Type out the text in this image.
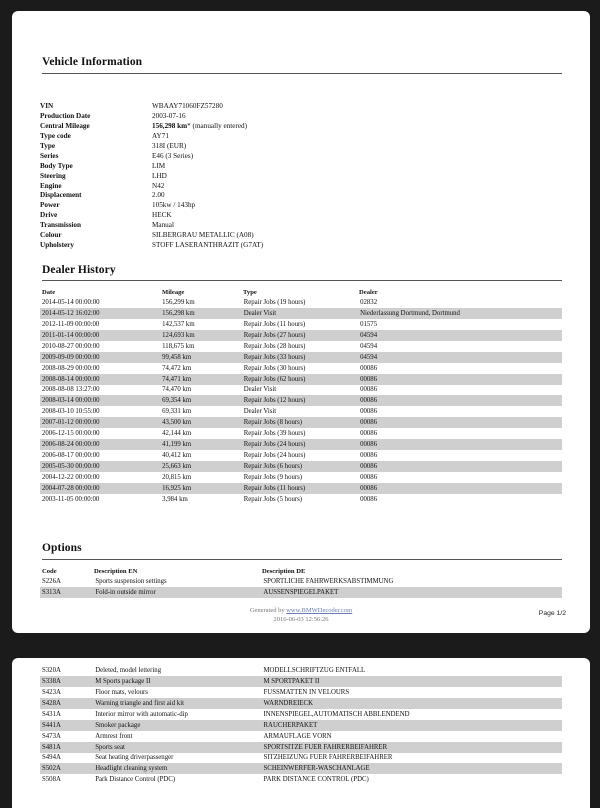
Vehicle Information
VIN	WBAAY71060FZ57280
Production Date	2003-07-16
Central Mileage	156,298 km* (manually entered)
Type code	AY71
Type	318I (EUR)
Series	E46 (3 Series)
Body Type	LIM
Steering	LHD
Engine	N42
Displacement	2.00
Power	105kw / 143hp
Drive	HECK
Transmission	Manual
Colour	SILBERGRAU METALLIC (A08)
Upholstery	STOFF LASERANTHRAZIT (G7AT)
Dealer History
Date	Mileage	Type	Dealer
2014-05-14 00:00:00	156,299 km	Repair Jobs (19 hours)	02832
2014-05-12 16:02:00	156,298 km	Dealer Visit	Niederlassung Dortmund, Dortmund
2012-11-09 00:00:00	142,537 km	Repair Jobs (11 hours)	01575
2011-01-14 00:00:00	124,693 km	Repair Jobs (27 hours)	04594
2010-08-27 00:00:00	118,675 km	Repair Jobs (28 hours)	04594
2009-09-09 00:00:00	99,458 km	Repair Jobs (33 hours)	04594
2008-08-29 00:00:00	74,472 km	Repair Jobs (30 hours)	00086
2008-08-14 00:00:00	74,471 km	Repair Jobs (62 hours)	00086
2008-08-08 13:27:00	74,470 km	Dealer Visit	00086
2008-03-14 00:00:00	69,354 km	Repair Jobs (12 hours)	00086
2008-03-10 10:55:00	69,331 km	Dealer Visit	00086
2007-01-12 00:00:00	43,500 km	Repair Jobs (8 hours)	00086
2006-12-15 00:00:00	42,144 km	Repair Jobs (39 hours)	00086
2006-08-24 00:00:00	41,199 km	Repair Jobs (24 hours)	00086
2006-08-17 00:00:00	40,412 km	Repair Jobs (24 hours)	00086
2005-05-30 00:00:00	25,663 km	Repair Jobs (6 hours)	00086
2004-12-22 00:00:00	20,815 km	Repair Jobs (9 hours)	00086
2004-07-28 00:00:00	16,925 km	Repair Jobs (11 hours)	00086
2003-11-05 00:00:00	3,984 km	Repair Jobs (5 hours)	00086
Options
Code	Description EN	Description DE
S226A	Sports suspension settings	SPORTLICHE FAHRWERKSABSTIMMUNG
S313A	Fold-in outside mirror	AUSSENSPIEGELPAKET
Generated by www.BMWDecoder.com
2016-06-03 12:56:26
Page 1/2
S320A	Deleted, model lettering	MODELLSCHRIFTZUG ENTFALL
S338A	M Sports package II	M SPORTPAKET II
S423A	Floor mats, velours	FUSSMATTEN IN VELOURS
S428A	Warning triangle and first aid kit	WARNDREIECK
S431A	Interior mirror with automatic-dip	INNENSPIEGEL,AUTOMATISCH ABBLENDEND
S441A	Smoker package	RAUCHERPAKET
S473A	Armrest front	ARMAUFLAGE VORN
S481A	Sports seat	SPORTSITZE FUER FAHRERBEIFAHRER
S494A	Seat heating driverpassenger	SITZHEIZUNG FUER FAHRERBEIFAHRER
S502A	Headlight cleaning system	SCHEINWERFER-WASCHANLAGE
S508A	Park Distance Control (PDC)	PARK DISTANCE CONTROL (PDC)
